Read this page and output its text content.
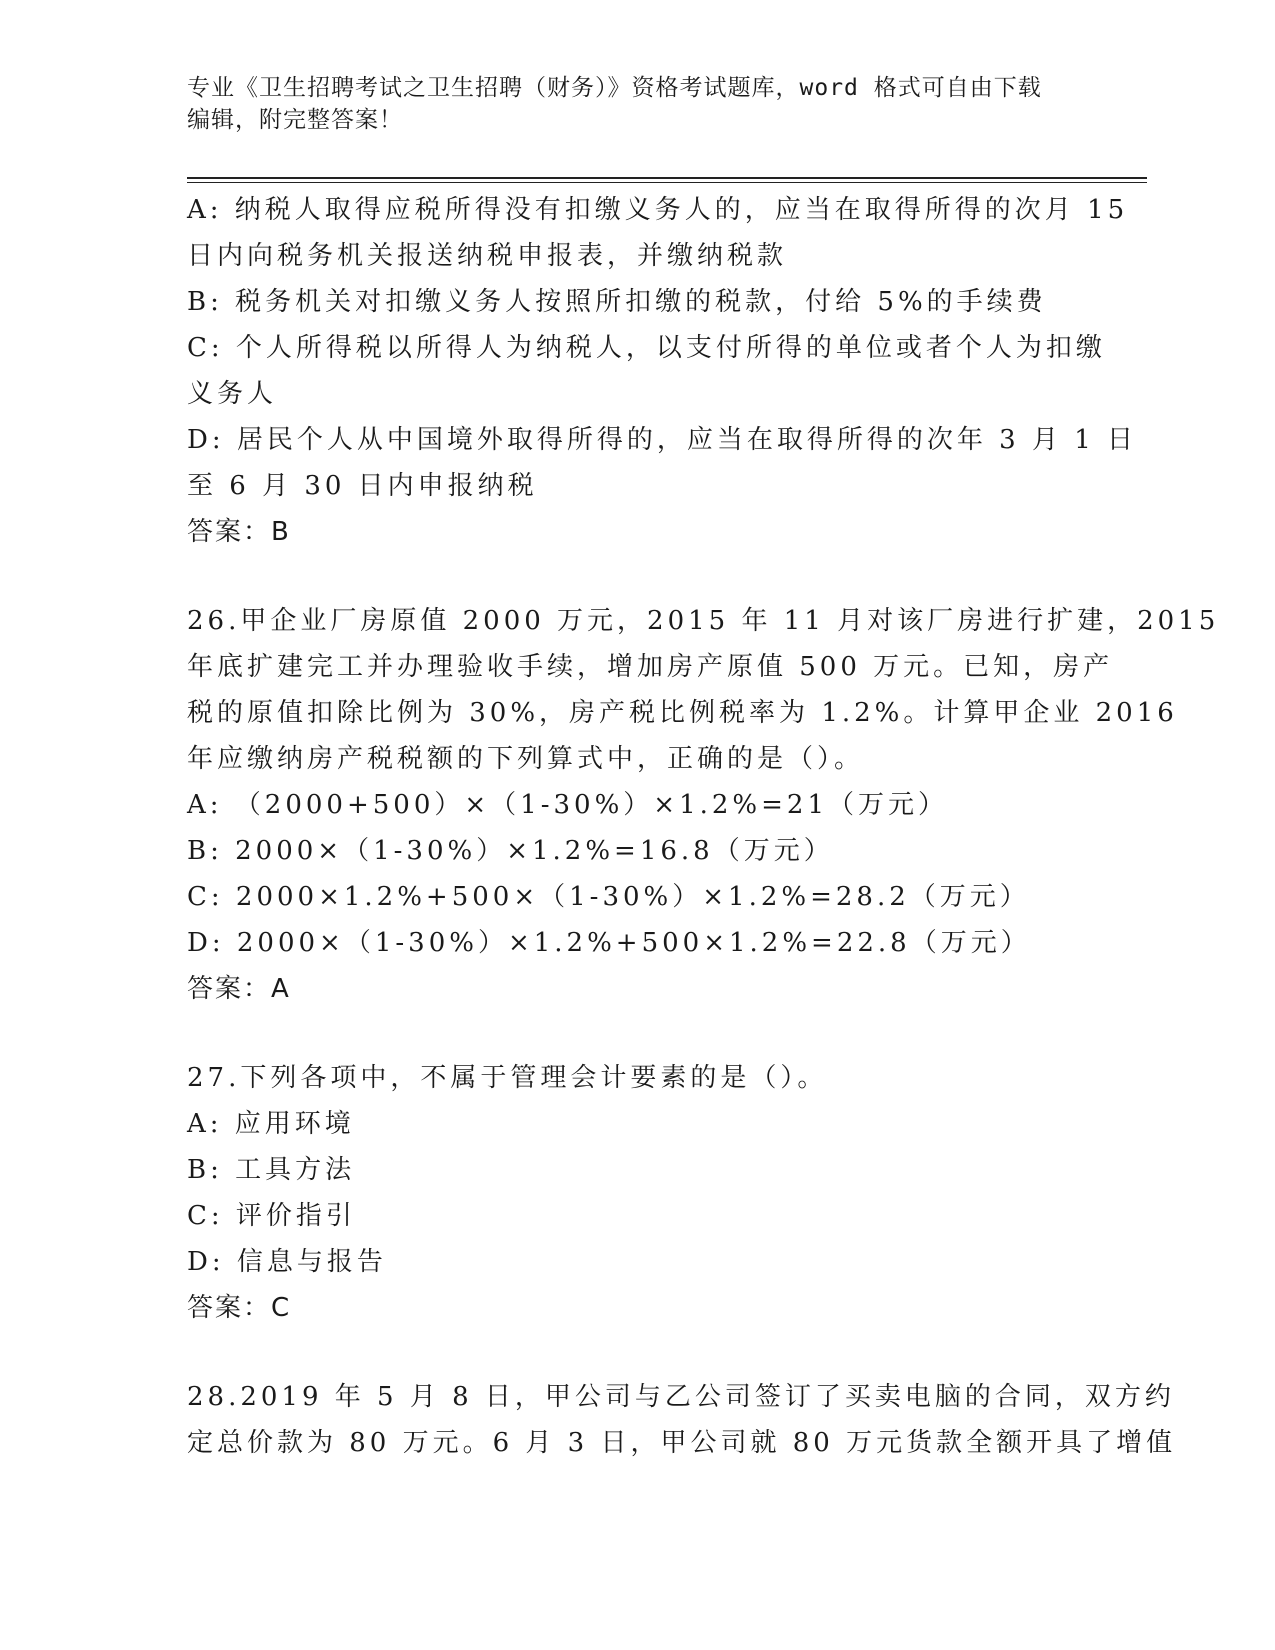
专业《卫生招聘考试之卫生招聘（财务）》资格考试题库，word 格式可自由下载
编辑，附完整答案！
A: 纳税人取得应税所得没有扣缴义务人的，应当在取得所得的次月 15
日内向税务机关报送纳税申报表，并缴纳税款
B: 税务机关对扣缴义务人按照所扣缴的税款，付给 5%的手续费
C: 个人所得税以所得人为纳税人，以支付所得的单位或者个人为扣缴
义务人
D: 居民个人从中国境外取得所得的，应当在取得所得的次年 3 月 1 日
至 6 月 30 日内申报纳税
答案：B
26.甲企业厂房原值 2000 万元，2015 年 11 月对该厂房进行扩建，2015
年底扩建完工并办理验收手续，增加房产原值 500 万元。已知，房产
税的原值扣除比例为 30%，房产税比例税率为 1.2%。计算甲企业 2016
年应缴纳房产税税额的下列算式中，正确的是（）。
A: （2000+500）×（1-30%）×1.2%=21（万元）
B: 2000×（1-30%）×1.2%=16.8（万元）
C: 2000×1.2%+500×（1-30%）×1.2%=28.2（万元）
D: 2000×（1-30%）×1.2%+500×1.2%=22.8（万元）
答案：A
27.下列各项中，不属于管理会计要素的是（）。
A: 应用环境
B: 工具方法
C: 评价指引
D: 信息与报告
答案：C
28.2019 年 5 月 8 日，甲公司与乙公司签订了买卖电脑的合同，双方约
定总价款为 80 万元。6 月 3 日，甲公司就 80 万元货款全额开具了增值
